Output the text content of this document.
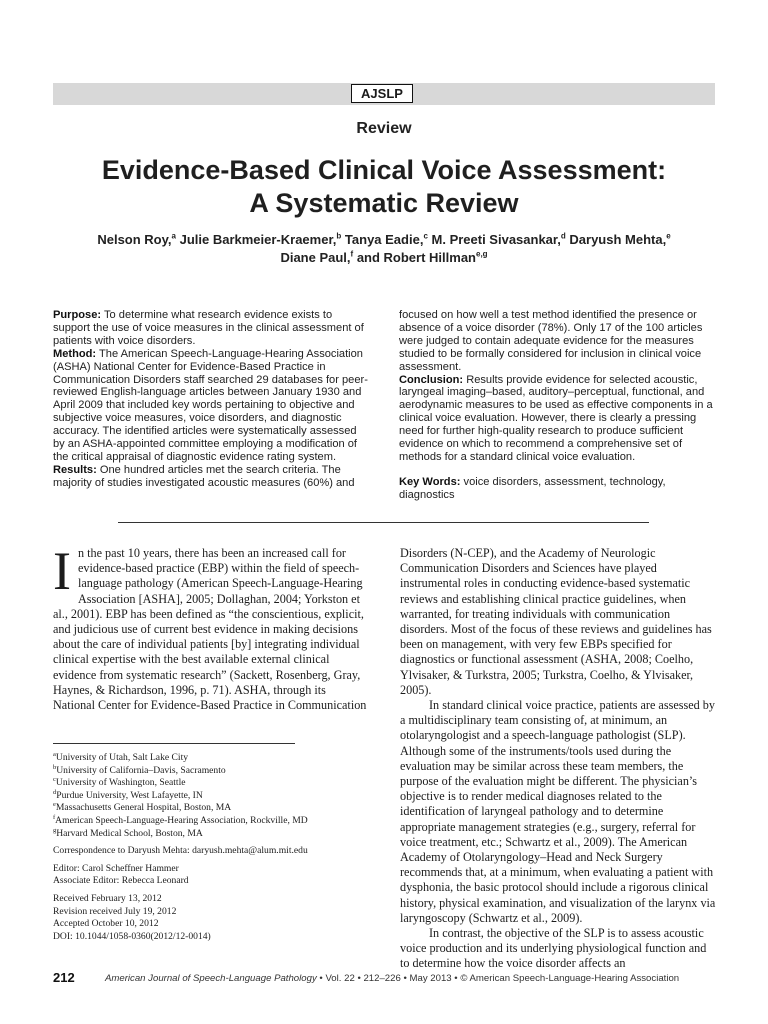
AJSLP
Review
Evidence-Based Clinical Voice Assessment:
A Systematic Review
Nelson Roy,$^a$ Julie Barkmeier-Kraemer,$^b$ Tanya Eadie,$^c$ M. Preeti Sivasankar,$^d$ Daryush Mehta,$^e$
Diane Paul,$^f$ and Robert Hillman$^{e,g}$

Purpose: To determine what research evidence exists to support the use of voice measures in the clinical assessment of patients with voice disorders.

Method: The American Speech-Language-Hearing Association (ASHA) National Center for Evidence-Based Practice in Communication Disorders staff searched 29 databases for peer-reviewed English-language articles between January 1930 and April 2009 that included key words pertaining to objective and subjective voice measures, voice disorders, and diagnostic accuracy. The identified articles were systematically assessed by an ASHA-appointed committee employing a modification of the critical appraisal of diagnostic evidence rating system.

Results: One hundred articles met the search criteria. The majority of studies investigated acoustic measures (60%) and

focused on how well a test method identified the presence or absence of a voice disorder (78%). Only 17 of the 100 articles were judged to contain adequate evidence for the measures studied to be formally considered for inclusion in clinical voice assessment.

Conclusion: Results provide evidence for selected acoustic, laryngeal imaging–based, auditory–perceptual, functional, and aerodynamic measures to be used as effective components in a clinical voice evaluation. However, there is clearly a pressing need for further high-quality research to produce sufficient evidence on which to recommend a comprehensive set of methods for a standard clinical voice evaluation.

Key Words: voice disorders, assessment, technology, diagnostics

In the past 10 years, there has been an increased call for evidence-based practice (EBP) within the field of speech-language pathology (American Speech-Language-Hearing Association [ASHA], 2005; Dollaghan, 2004; Yorkston et al., 2001). EBP has been defined as “the conscientious, explicit, and judicious use of current best evidence in making decisions about the care of individual patients [by] integrating individual clinical expertise with the best available external clinical evidence from systematic research” (Sackett, Rosenberg, Gray, Haynes, & Richardson, 1996, p. 71). ASHA, through its National Center for Evidence-Based Practice in Communication

Disorders (N-CEP), and the Academy of Neurologic Communication Disorders and Sciences have played instrumental roles in conducting evidence-based systematic reviews and establishing clinical practice guidelines, when warranted, for treating individuals with communication disorders. Most of the focus of these reviews and guidelines has been on management, with very few EBPs specified for diagnostics or functional assessment (ASHA, 2008; Coelho, Ylvisaker, & Turkstra, 2005; Turkstra, Coelho, & Ylvisaker, 2005).

In standard clinical voice practice, patients are assessed by a multidisciplinary team consisting of, at minimum, an otolaryngologist and a speech-language pathologist (SLP). Although some of the instruments/tools used during the evaluation may be similar across these team members, the purpose of the evaluation might be different. The physician’s objective is to render medical diagnoses related to the identification of laryngeal pathology and to determine appropriate management strategies (e.g., surgery, referral for voice treatment, etc.; Schwartz et al., 2009). The American Academy of Otolaryngology–Head and Neck Surgery recommends that, at a minimum, when evaluating a patient with dysphonia, the basic protocol should include a rigorous clinical history, physical examination, and visualization of the larynx via laryngoscopy (Schwartz et al., 2009).

In contrast, the objective of the SLP is to assess acoustic voice production and its underlying physiological function and to determine how the voice disorder affects an

$^a$University of Utah, Salt Lake City

$^b$University of California–Davis, Sacramento

$^c$University of Washington, Seattle

$^d$Purdue University, West Lafayette, IN

$^e$Massachusetts General Hospital, Boston, MA

$^f$American Speech-Language-Hearing Association, Rockville, MD

$^g$Harvard Medical School, Boston, MA

Correspondence to Daryush Mehta: daryush.mehta@alum.mit.edu

Editor: Carol Scheffner Hammer

Associate Editor: Rebecca Leonard

Received February 13, 2012

Revision received July 19, 2012

Accepted October 10, 2012

DOI: 10.1044/1058-0360(2012/12-0014)

212	American Journal of Speech-Language Pathology • Vol. 22 • 212–226 • May 2013 • © American Speech-Language-Hearing Association
